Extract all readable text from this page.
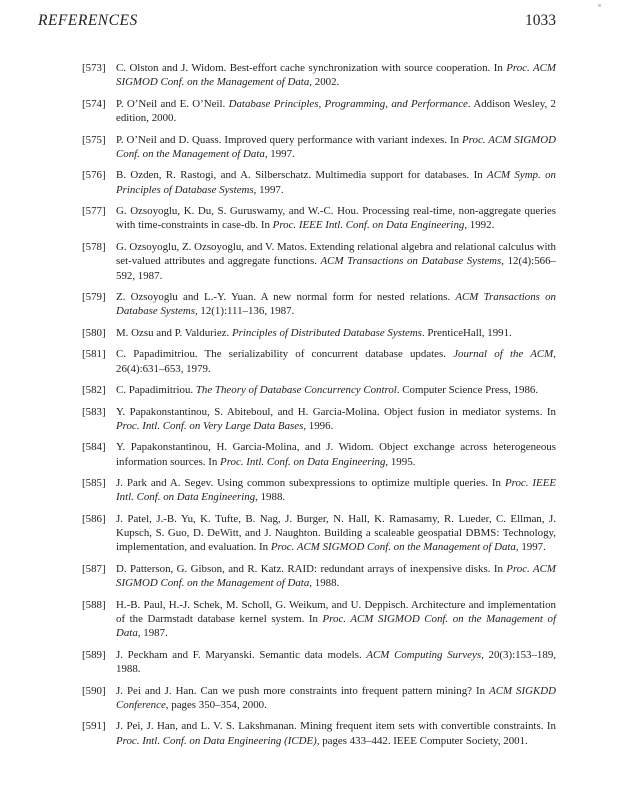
REFERENCES	1033
[573] C. Olston and J. Widom. Best-effort cache synchronization with source cooperation. In Proc. ACM SIGMOD Conf. on the Management of Data, 2002.
[574] P. O’Neil and E. O’Neil. Database Principles, Programming, and Performance. Addison Wesley, 2 edition, 2000.
[575] P. O’Neil and D. Quass. Improved query performance with variant indexes. In Proc. ACM SIGMOD Conf. on the Management of Data, 1997.
[576] B. Ozden, R. Rastogi, and A. Silberschatz. Multimedia support for databases. In ACM Symp. on Principles of Database Systems, 1997.
[577] G. Ozsoyoglu, K. Du, S. Guruswamy, and W.-C. Hou. Processing real-time, non-aggregate queries with time-constraints in case-db. In Proc. IEEE Intl. Conf. on Data Engineering, 1992.
[578] G. Ozsoyoglu, Z. Ozsoyoglu, and V. Matos. Extending relational algebra and relational calculus with set-valued attributes and aggregate functions. ACM Transactions on Database Systems, 12(4):566–592, 1987.
[579] Z. Ozsoyoglu and L.-Y. Yuan. A new normal form for nested relations. ACM Transactions on Database Systems, 12(1):111–136, 1987.
[580] M. Ozsu and P. Valduriez. Principles of Distributed Database Systems. PrenticeHall, 1991.
[581] C. Papadimitriou. The serializability of concurrent database updates. Journal of the ACM, 26(4):631–653, 1979.
[582] C. Papadimitriou. The Theory of Database Concurrency Control. Computer Science Press, 1986.
[583] Y. Papakonstantinou, S. Abiteboul, and H. Garcia-Molina. Object fusion in mediator systems. In Proc. Intl. Conf. on Very Large Data Bases, 1996.
[584] Y. Papakonstantinou, H. Garcia-Molina, and J. Widom. Object exchange across heterogeneous information sources. In Proc. Intl. Conf. on Data Engineering, 1995.
[585] J. Park and A. Segev. Using common subexpressions to optimize multiple queries. In Proc. IEEE Intl. Conf. on Data Engineering, 1988.
[586] J. Patel, J.-B. Yu, K. Tufte, B. Nag, J. Burger, N. Hall, K. Ramasamy, R. Lueder, C. Ellman, J. Kupsch, S. Guo, D. DeWitt, and J. Naughton. Building a scaleable geospatial DBMS: Technology, implementation, and evaluation. In Proc. ACM SIGMOD Conf. on the Management of Data, 1997.
[587] D. Patterson, G. Gibson, and R. Katz. RAID: redundant arrays of inexpensive disks. In Proc. ACM SIGMOD Conf. on the Management of Data, 1988.
[588] H.-B. Paul, H.-J. Schek, M. Scholl, G. Weikum, and U. Deppisch. Architecture and implementation of the Darmstadt database kernel system. In Proc. ACM SIGMOD Conf. on the Management of Data, 1987.
[589] J. Peckham and F. Maryanski. Semantic data models. ACM Computing Surveys, 20(3):153–189, 1988.
[590] J. Pei and J. Han. Can we push more constraints into frequent pattern mining? In ACM SIGKDD Conference, pages 350–354, 2000.
[591] J. Pei, J. Han, and L. V. S. Lakshmanan. Mining frequent item sets with convertible constraints. In Proc. Intl. Conf. on Data Engineering (ICDE), pages 433–442. IEEE Computer Society, 2001.
